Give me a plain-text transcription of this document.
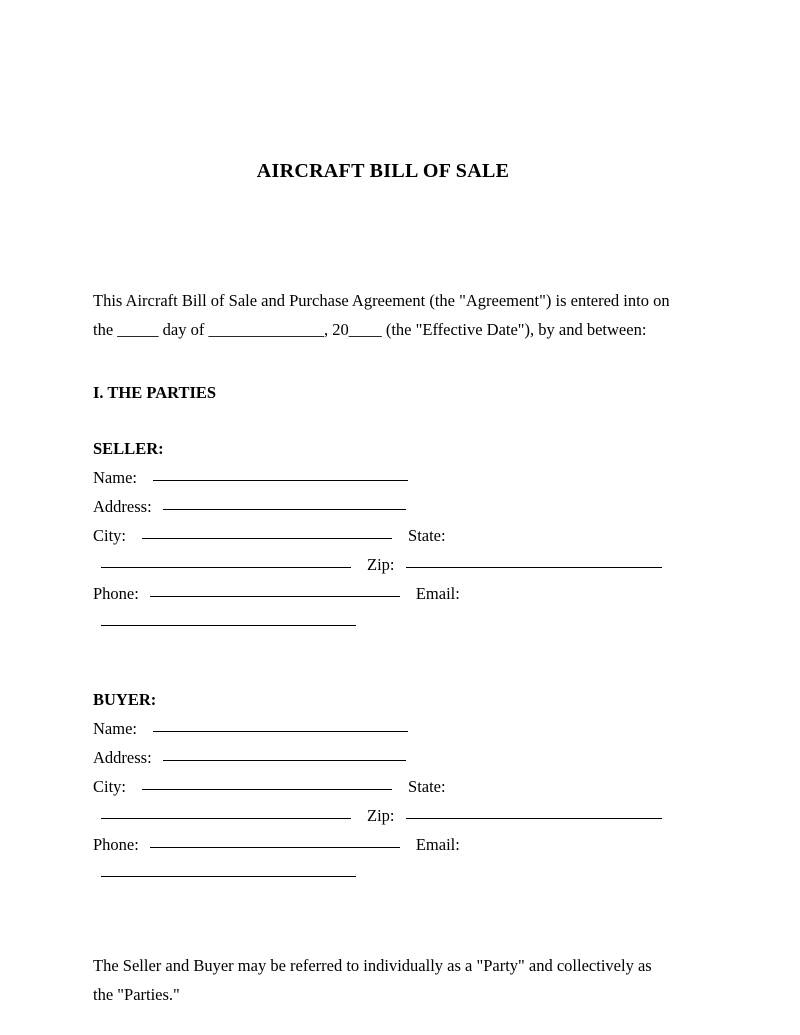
AIRCRAFT BILL OF SALE

This Aircraft Bill of Sale and Purchase Agreement (the "Agreement") is entered into on the _____ day of ______________, 20____ (the "Effective Date"), by and between:

I. THE PARTIES
SELLER:
Name:
Address:
City:	State:
Zip:
Phone:	Email:
BUYER:
Name:
Address:
City:	State:
Zip:
Phone:	Email:

The Seller and Buyer may be referred to individually as a "Party" and collectively as the "Parties."
